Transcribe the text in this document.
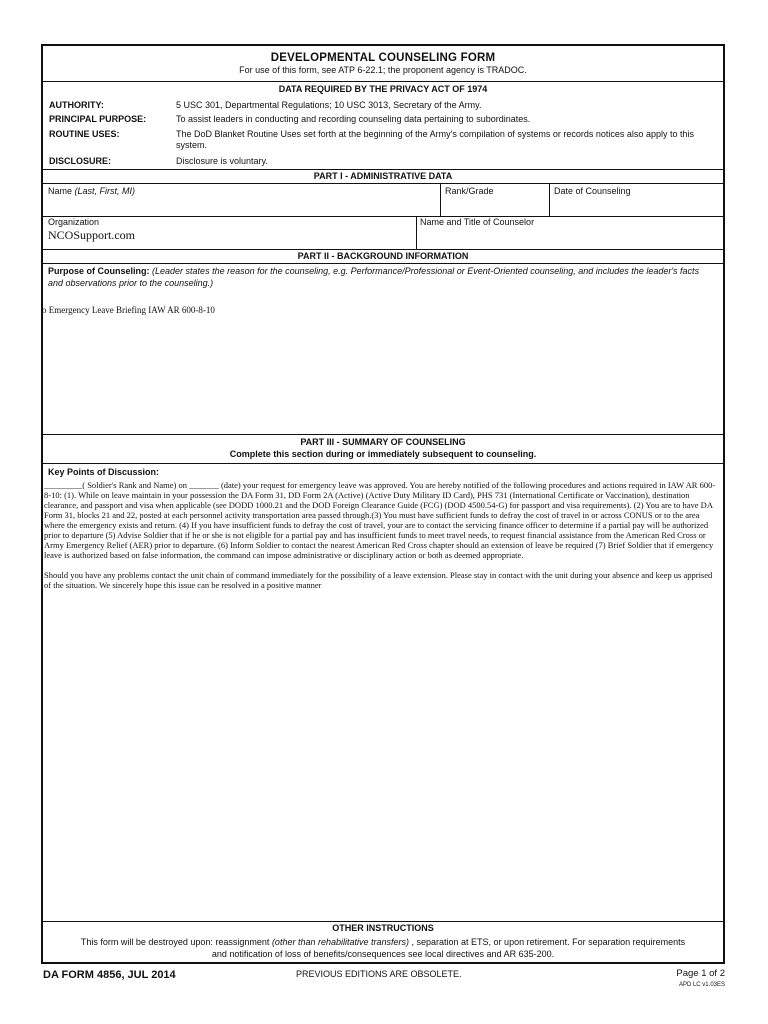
DEVELOPMENTAL COUNSELING FORM
For use of this form, see ATP 6-22.1; the proponent agency is TRADOC.
DATA REQUIRED BY THE PRIVACY ACT OF 1974
AUTHORITY:	5 USC 301, Departmental Regulations; 10 USC 3013, Secretary of the Army.
PRINCIPAL PURPOSE:	To assist leaders in conducting and recording counseling data pertaining to subordinates.
ROUTINE USES:	The DoD Blanket Routine Uses set forth at the beginning of the Army's compilation of systems or records notices also apply to this system.
DISCLOSURE:	Disclosure is voluntary.
PART I - ADMINISTRATIVE DATA
Name (Last, First, MI)	Rank/Grade	Date of Counseling
Organization
NCOSupport.com
Name and Title of Counselor
PART II - BACKGROUND INFORMATION
Purpose of Counseling: (Leader states the reason for the counseling, e.g. Performance/Professional or Event-Oriented counseling, and includes the leader's facts and observations prior to the counseling.)
o Emergency Leave Briefing IAW AR 600-8-10
PART III - SUMMARY OF COUNSELING
Complete this section during or immediately subsequent to counseling.
Key Points of Discussion:

_________( Soldier's Rank and Name) on _______ (date) your request for emergency leave was approved. You are hereby notified of the following procedures and actions required in IAW AR 600-8-10: (1). While on leave maintain in your possession the DA Form 31, DD Form 2A (Active) (Active Duty Military ID Card), PHS 731 (International Certificate or Vaccination), destination clearance, and passport and visa when applicable (see DODD 1000.21 and the DOD Foreign Clearance Guide (FCG) (DOD 4500.54-G) for passport and visa requirements). (2) You are to have DA Form 31, blocks 21 and 22, posted at each personnel activity transportation area passed through.(3) You must have sufficient funds to defray the cost of travel in or across CONUS or to the area where the emergency exists and return. (4) If you have insufficient funds to defray the cost of travel, your are to contact the servicing finance officer to determine if a partial pay will be authorized prior to departure (5) Advise Soldier that if he or she is not eligible for a partial pay and has insufficient funds to meet travel needs, to request financial assistance from the American Red Cross or Army Emergency Relief (AER) prior to departure. (6) Inform Soldier to contact the nearest American Red Cross chapter should an extension of leave be required (7) Brief Soldier that if emergency leave is authorized based on false information, the command can impose administrative or disciplinary action or both as deemed appropriate.

Should you have any problems contact the unit chain of command immediately for the possibility of a leave extension. Please stay in contact with the unit during your absence and keep us apprised of the situation. We sincerely hope this issue can be resolved in a positive manner

OTHER INSTRUCTIONS
This form will be destroyed upon: reassignment (other than rehabilitative transfers) , separation at ETS, or upon retirement. For separation requirements and notification of loss of benefits/consequences see local directives and AR 635-200.
DA FORM 4856, JUL 2014	PREVIOUS EDITIONS ARE OBSOLETE.	Page 1 of 2
APD LC v1.03ES
